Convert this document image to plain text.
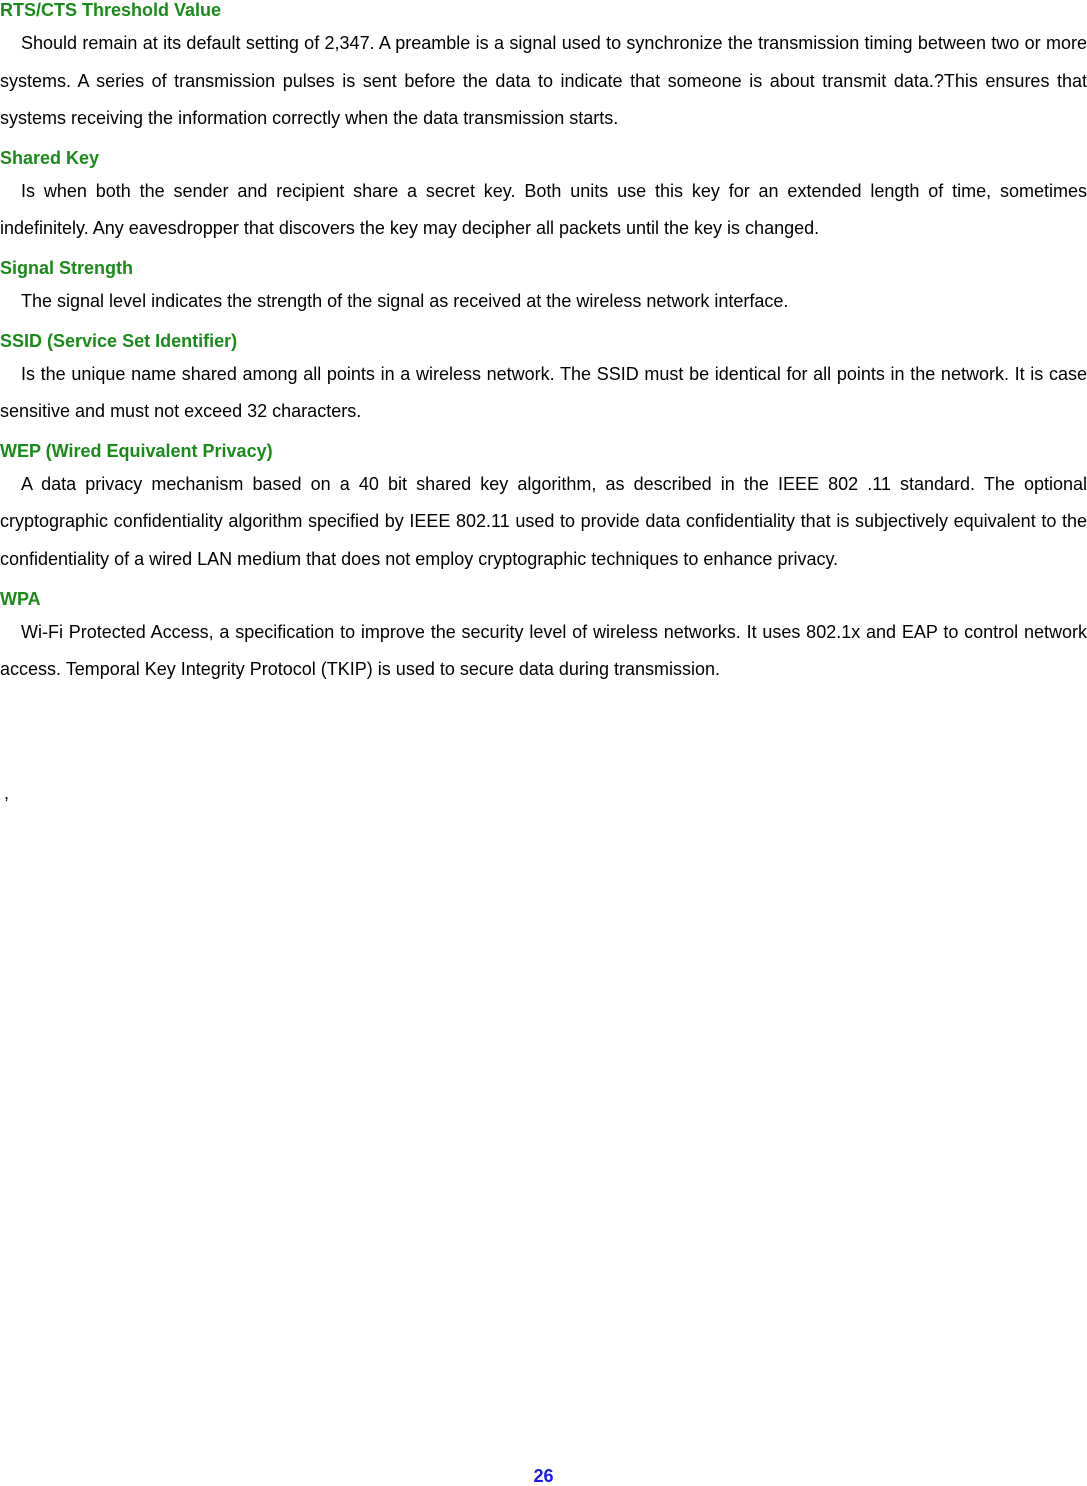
RTS/CTS Threshold Value

Should remain at its default setting of 2,347. A preamble is a signal used to synchronize the transmission timing between two or more systems. A series of transmission pulses is sent before the data to indicate that someone is about transmit data.?This ensures that systems receiving the information correctly when the data transmission starts.

Shared Key

Is when both the sender and recipient share a secret key. Both units use this key for an extended length of time, sometimes indefinitely. Any eavesdropper that discovers the key may decipher all packets until the key is changed.

Signal Strength

The signal level indicates the strength of the signal as received at the wireless network interface.

SSID (Service Set Identifier)

Is the unique name shared among all points in a wireless network. The SSID must be identical for all points in the network. It is case sensitive and must not exceed 32 characters.

WEP (Wired Equivalent Privacy)

A data privacy mechanism based on a 40 bit shared key algorithm, as described in the IEEE 802 .11 standard. The optional cryptographic confidentiality algorithm specified by IEEE 802.11 used to provide data confidentiality that is subjectively equivalent to the confidentiality of a wired LAN medium that does not employ cryptographic techniques to enhance privacy.

WPA

Wi-Fi Protected Access, a specification to improve the security level of wireless networks. It uses 802.1x and EAP to control network access. Temporal Key Integrity Protocol (TKIP) is used to secure data during transmission.

,
26
